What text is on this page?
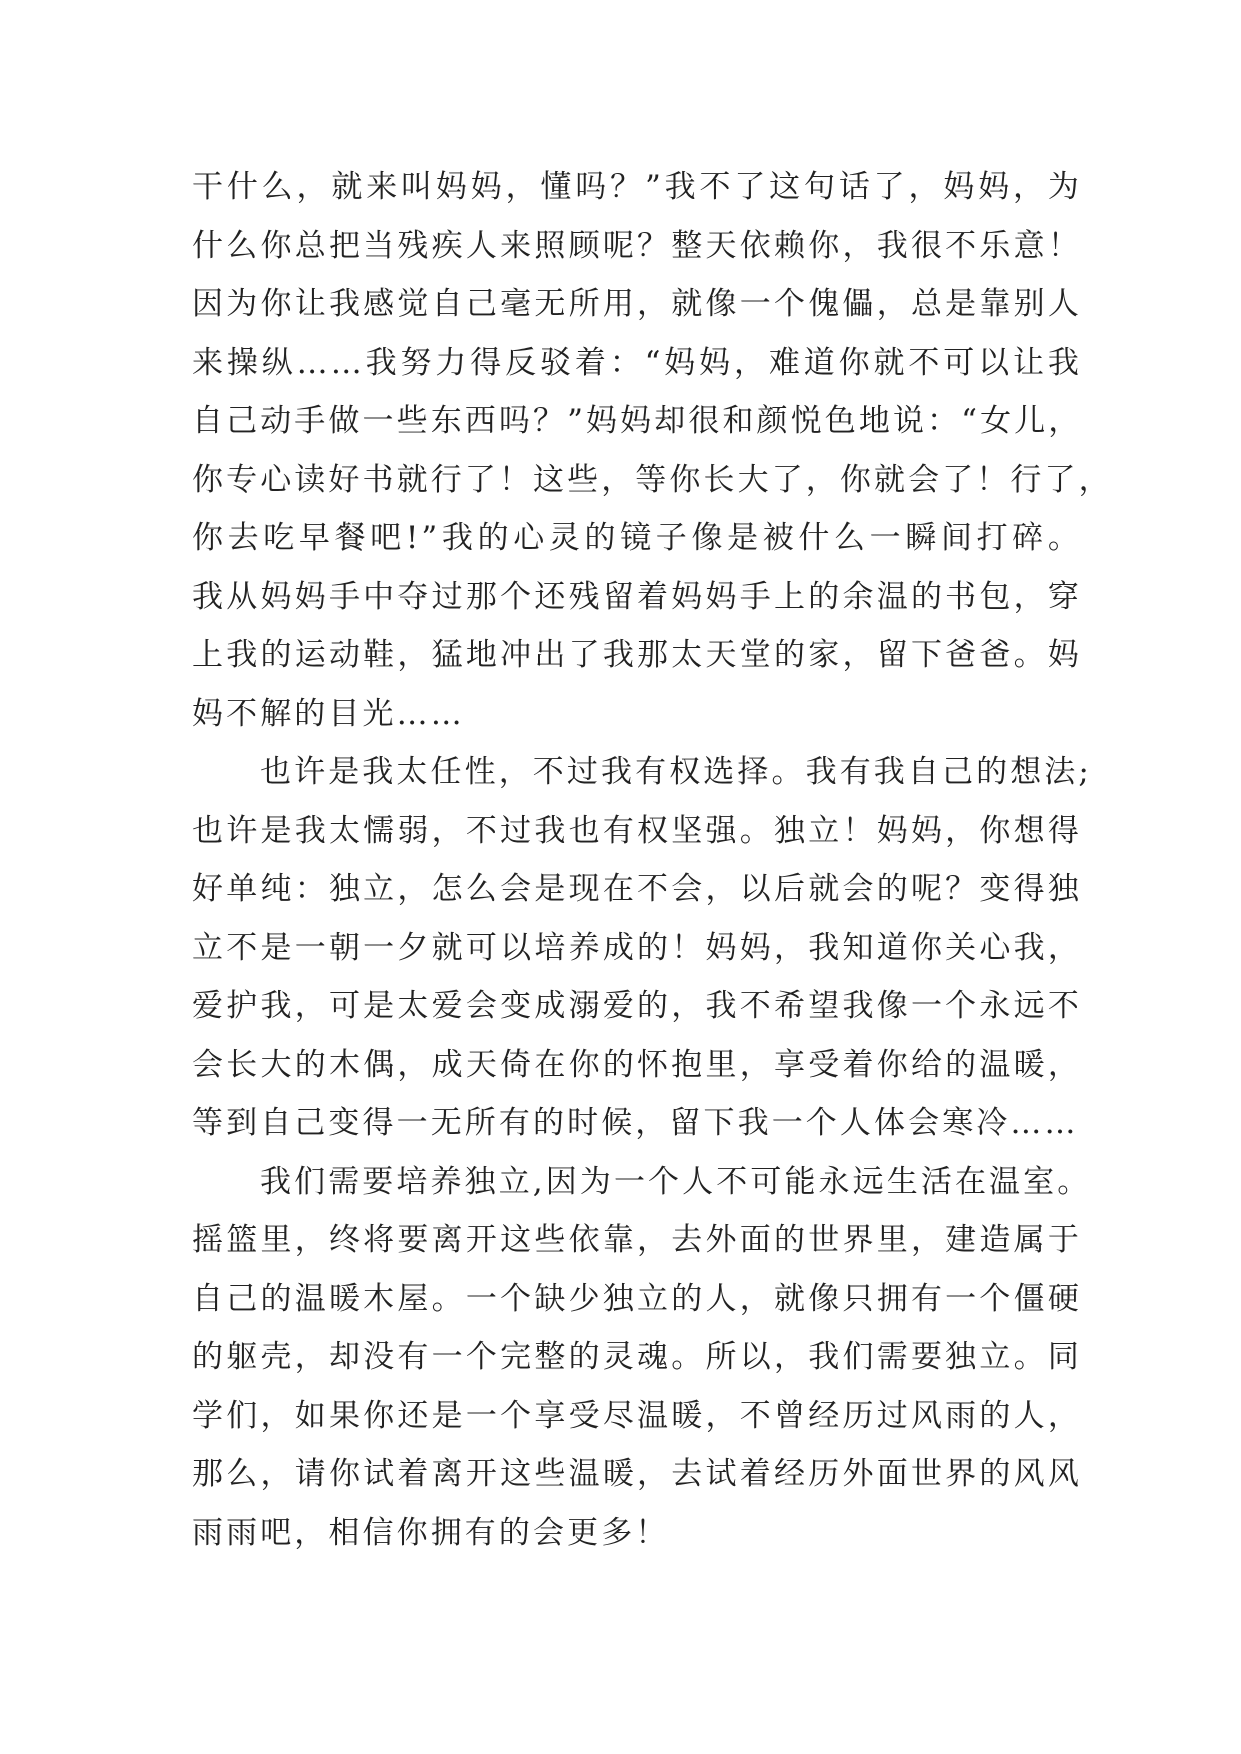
干什么，就来叫妈妈，懂吗？”我不了这句话了，妈妈，为
什么你总把当残疾人来照顾呢？整天依赖你，我很不乐意！
因为你让我感觉自己毫无所用，就像一个傀儡，总是靠别人
来操纵……我努力得反驳着：“妈妈，难道你就不可以让我
自己动手做一些东西吗？”妈妈却很和颜悦色地说：“女儿，
你专心读好书就行了！这些，等你长大了，你就会了！行了，
你去吃早餐吧!”我的心灵的镜子像是被什么一瞬间打碎。
我从妈妈手中夺过那个还残留着妈妈手上的余温的书包，穿
上我的运动鞋，猛地冲出了我那太天堂的家，留下爸爸。妈
妈不解的目光……
也许是我太任性，不过我有权选择。我有我自己的想法;
也许是我太懦弱，不过我也有权坚强。独立！妈妈，你想得
好单纯：独立，怎么会是现在不会，以后就会的呢？变得独
立不是一朝一夕就可以培养成的！妈妈，我知道你关心我，
爱护我，可是太爱会变成溺爱的，我不希望我像一个永远不
会长大的木偶，成天倚在你的怀抱里，享受着你给的温暖，
等到自己变得一无所有的时候，留下我一个人体会寒冷……
我们需要培养独立,因为一个人不可能永远生活在温室。
摇篮里，终将要离开这些依靠，去外面的世界里，建造属于
自己的温暖木屋。一个缺少独立的人，就像只拥有一个僵硬
的躯壳，却没有一个完整的灵魂。所以，我们需要独立。同
学们，如果你还是一个享受尽温暖，不曾经历过风雨的人，
那么，请你试着离开这些温暖，去试着经历外面世界的风风
雨雨吧，相信你拥有的会更多！
